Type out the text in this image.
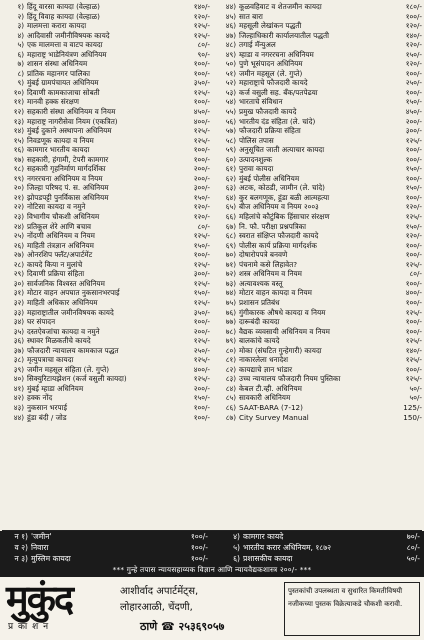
१) हिंदू वारसा कायदा (वेल्हाळ)	१४०/-
२) हिंदू विवाह कायदा (वेल्हाळ)	१२०/-
३) मालमत्ता करारा कायदा	१२५/-
४) आदिवासी जमीनीविषयक कायदे	१२५/-
५) एक मालमत्ता व वाटप कायदा	८०/-
६) महाराष्ट्र भाडेनियंत्रण अधिनियम	९०/-
७) शासन संस्था अधिनियम	१००/-
८) प्रांतिक महानगर पालिका	१००/-
९) मुंबई ग्रामपंचायत अधिनियम	३५०/-
१०) दिवाणी कामकाजाचा सोबती	१२५/-
११) मानवी हक्क संरक्षण	१००/-
१२) सहकारी संस्था अधिनियम व नियम	४५०/-
१३) महाराष्ट्र नागरीसेवा नियम (एकत्रित)	४००/-
१४) मुंबई दुकाने अस्थापना अधिनियम	१२५/-
१५) निवडणूक कायदा व नियम	१२५/-
१६) कामगार भारतीय कायदा	१००/-
१७) सहकारी, हंगामी, टेपरी कामगार	१००/-
१८) सहकारी गृहनिर्माण मार्गदर्शिका	२००/-
१९) नगररचना अधिनियम व नियम	२००/-
२०) जिल्हा परिषद पं. स. अधिनियम	३००/-
२१) झोपडपट्टी पुनर्विकास अधिनियम	१५०/-
२२) नोटिसा कायदा व नमुने	१२०/-
२३) विभागीय चौकशी अधिनियम	१२०/-
२४) प्रतिकूल शेरे आणि बचाव	८०/-
२५) नोंदणी अधिनियम व नियम	१२५/-
२६) माहिती तंत्रज्ञान अधिनियम	१५०/-
२७) ओनरशिप फ्लॅट/अपार्टमेंट	१००/-
२८) कायदे किया न मुलांचे	१२५/-
२९) दिवाणी प्रक्रिया संहिता	३००/-
३०) सार्वजनिक विश्वस्त अधिनियम	१२५/-
३१) मोटार वाहन अपघात नुकसानभरपाई	१५०/-
३२) माहिती अधिकार अधिनियम	१२५/-
३३) महाराष्ट्रातील जमीनविषयक कायदे	३५०/-
३४) घर संपादन	१००/-
३५) दस्तऐवजांचा कायदा व नमुने	२००/-
३६) स्थावर मिळकतीचे कायदे	१२५/-
३७) फौजदारी न्यायालय कामकाज पद्धत	२५०/-
३८) मृत्युपत्राचा कायदा	१२५/-
३९) जमीन महसूल संहिता (ले. गुप्ते)	४००/-
४०) सिक्युरिटायझेशन (कर्ज वसुली कायदा)	१२५/-
४१) मुंबई म्हाडा अधिनियम	२००/-
४२) हक्क नोंद	१५०/-
४३) नुकसान भरपाई	१००/-
४४) हुंडा बंदी / जोड	१००/-
४४) कूळवहिवाट व शेतजमीन कायदा	१८०/-
४५) सात बारा	१००/-
४६) महसूली लेखांकन पद्धती	१२०/-
४७) जिल्हाधिकारी कार्यालयातील पद्धती	१४०/-
४८) तगाई मॅन्युअल	१२०/-
४९) म्हाडा व नगररचना अधिनियम	१५०/-
५०) पुणे भूसंपादन अधिनियम	१२०/-
५१) जमीन महसूल (ले. गुप्ते)	१००/-
५२) महाराष्ट्राचे फौजदारी कायदे	२५०/-
५३) कर्ज वसुली सह. बँक/पतपेढया	१००/-
५४) भारताचे संविधान	१५०/-
५५) प्रमुख फौजदारी कायदे	४५०/-
५६) भारतीय दंड संहिता (ले. चांदे)	२००/-
५७) फौजदारी प्रक्रिया संहिता	३००/-
५८) पोलिस तपास	१२५/-
५९) अनुसूचित जाती अत्याचार कायदा	१००/-
६०) उत्पादनशुल्क	१००/-
६१) पुरावा कायदा	१५०/-
६२) मुंबई पोलीस अधिनियम	१००/-
६३) अटक, कोठडी, जामीन (ले. चांदे)	१५०/-
६४) कुर बलगणूक, हुंडा बळी आत्महत्या	१००/-
६५) बीज अधिनियम व नियम २००३	१२०/-
६६) महिलांचे कौटुंबिक हिंसाचार संरक्षण	१२५/-
६७) नि. फौ. परीक्षा प्रश्नपत्रिका	१५०/-
६८) स्वरात संक्षिप्त फौजदारी कायदे	१२०/-
६९) पोलीस कार्य प्रक्रिया मार्गदर्शक	१००/-
७०) दोषारोपपत्रे बनवणे	१००/-
७१) पंचनामे कसे लिहावेत?	१२५/-
७२) शस्त्र अधिनियम व नियम	८०/-
७३) अत्यावश्यक वस्तू	१००/-
७४) मोटार वाहन कायदा व नियम	४००/-
७५) प्रशासन प्रतिबंध	१००/-
७६) गुंगीकारक औषधे कायदा व नियम	१२५/-
७७) दारूबंदी कायदा	१००/-
७८) वैद्यक व्यवसायी अधिनियम व नियम	१००/-
७९) बालकांचे कायदे	१२५/-
८०) मोका (संघटित गुन्हेगारी) कायदा	१४०/-
८१) नाकारलेला धनादेश	१२५/-
८२) कायद्याचे ज्ञान भांडार	१००/-
८३) उच्च न्यायालय फौजदारी नियम पुस्तिका	१२५/-
८४) केबल टी.व्ही. अधिनियम	५०/-
८५) सावकारी अधिनियम	५०/-
८६) SAAT-BARA (7-12)	125/-
८७) City Survey Manual	150/-
न १) 'जमीन'	१००/-	४) कामगार कायदे	७०/-
व २) निवारा	१००/-	५) भारतीय करार अधिनियम, १८७२	८०/-
न ३) मुस्लिम कायदा	१००/-	६) प्रशासकीय कायदा	५०/-
*** गुन्हे तपास न्यायसहाय्यक विज्ञान आणि न्यायवैद्यकशास्त्र २००/- ***
मुकुंद
प्र का श न
आशीर्वाद अपार्टमेंट्स,
लोहारआळी, चेंदणी,
ठाणे ☎ २५३६९०५७
पुस्तकांची उपलब्धता व सुधारित किमतीविषयी नजीकच्या पुस्तक विक्रेत्याकडे चौकशी करावी.
